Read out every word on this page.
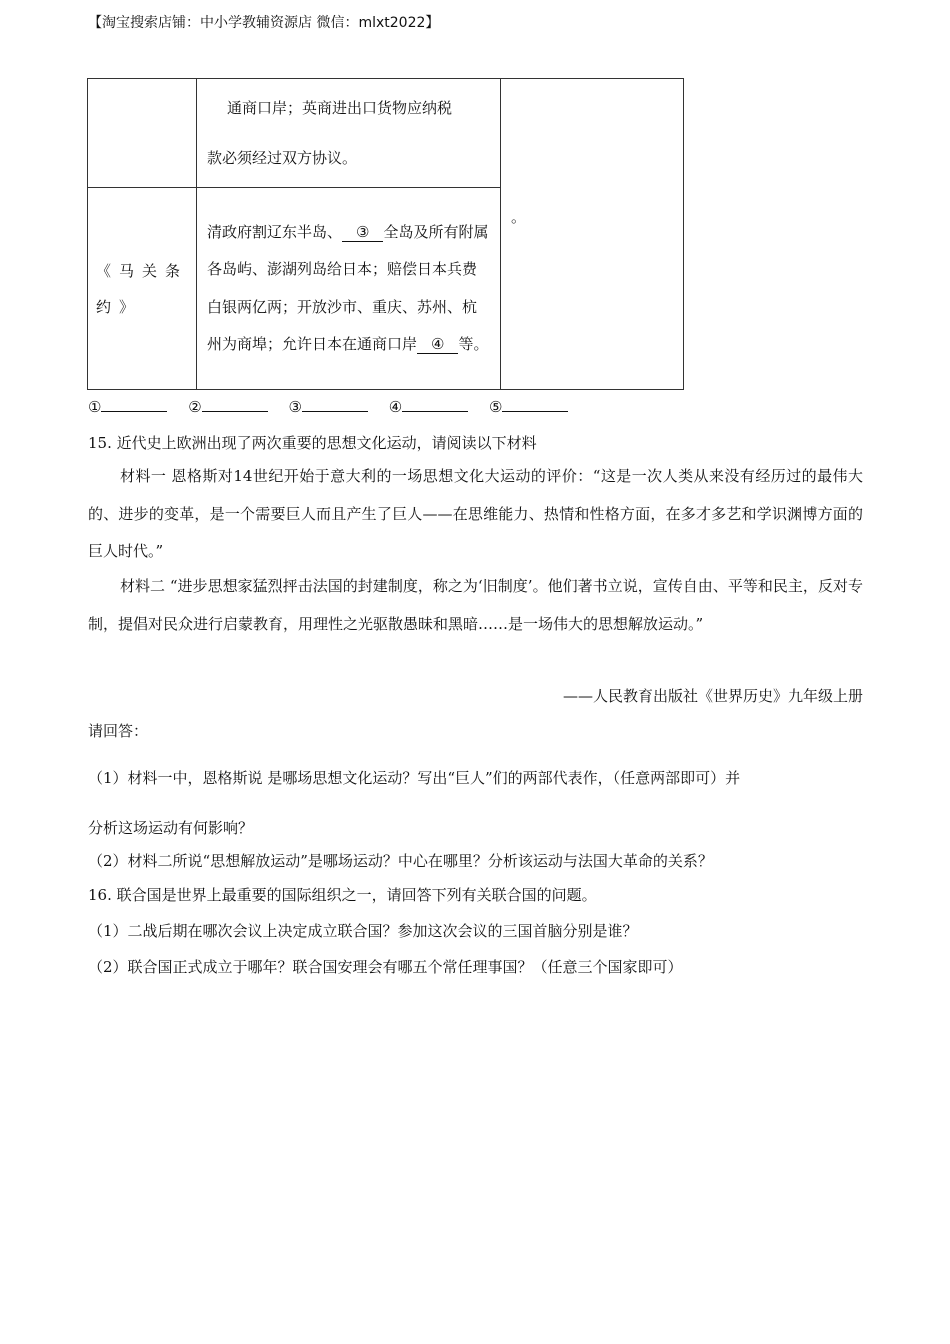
【淘宝搜索店铺：中小学教辅资源店 微信：mlxt2022】

	通商口岸；英商进出口货物应纳税
款必须经过双方协议。	。

《马关条约》	清政府割辽东半岛、 ③ 全岛及所有附属各岛屿、澎湖列岛给日本；赔偿日本兵费白银两亿两；开放沙市、重庆、苏州、杭州为商埠；允许日本在通商口岸 ④ 等。	
①	②	③	④	⑤
15. 近代史上欧洲出现了两次重要的思想文化运动，请阅读以下材料
材料一 恩格斯对14世纪开始于意大利的一场思想文化大运动的评价：“这是一次人类从来没有经历过的最伟大的、进步的变革，是一个需要巨人而且产生了巨人——在思维能力、热情和性格方面，在多才多艺和学识渊博方面的巨人时代。”
材料二 “进步思想家猛烈抨击法国的封建制度，称之为‘旧制度’。他们著书立说，宣传自由、平等和民主，反对专制，提倡对民众进行启蒙教育，用理性之光驱散愚昧和黑暗……是一场伟大的思想解放运动。”
——人民教育出版社《世界历史》九年级上册
请回答：
（1）材料一中，恩格斯说 是哪场思想文化运动？写出“巨人”们的两部代表作，（任意两部即可）并
分析这场运动有何影响？
（2）材料二所说“思想解放运动”是哪场运动？中心在哪里？分析该运动与法国大革命的关系？
16. 联合国是世界上最重要的国际组织之一，请回答下列有关联合国的问题。
（1）二战后期在哪次会议上决定成立联合国？参加这次会议的三国首脑分别是谁？
（2）联合国正式成立于哪年？联合国安理会有哪五个常任理事国？（任意三个国家即可）
